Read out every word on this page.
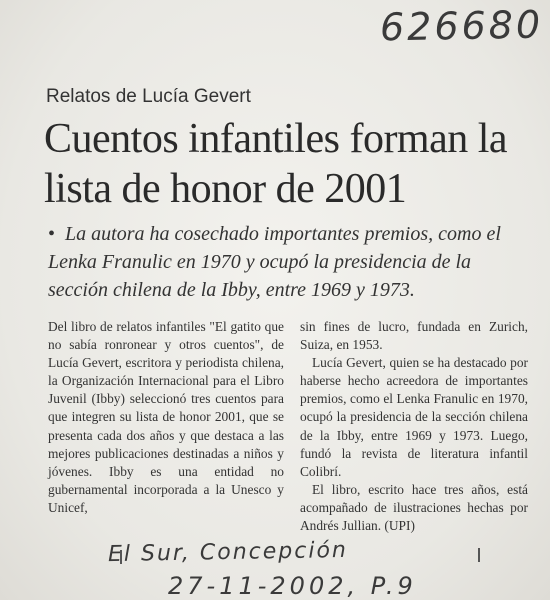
626680
Relatos de Lucía Gevert
Cuentos infantiles forman la lista de honor de 2001
• La autora ha cosechado importantes premios, como el Lenka Franulic en 1970 y ocupó la presidencia de la sección chilena de la Ibby, entre 1969 y 1973.

Del libro de relatos infantiles "El gatito que no sabía ronronear y otros cuentos", de Lucía Gevert, escritora y periodista chilena, la Organización Internacional para el Libro Juvenil (Ibby) seleccionó tres cuentos para que integren su lista de honor 2001, que se presenta cada dos años y que destaca a las mejores publicaciones destinadas a niños y jóvenes. Ibby es una entidad no gubernamental incorporada a la Unesco y Unicef,

sin fines de lucro, fundada en Zurich, Suiza, en 1953.

Lucía Gevert, quien se ha destacado por haberse hecho acreedora de importantes premios, como el Lenka Franulic en 1970, ocupó la presidencia de la sección chilena de la Ibby, entre 1969 y 1973. Luego, fundó la revista de literatura infantil Colibrí.

El libro, escrito hace tres años, está acompañado de ilustraciones hechas por Andrés Jullian. (UPI)

El Sur, Concepción
27-11-2002, P.9
